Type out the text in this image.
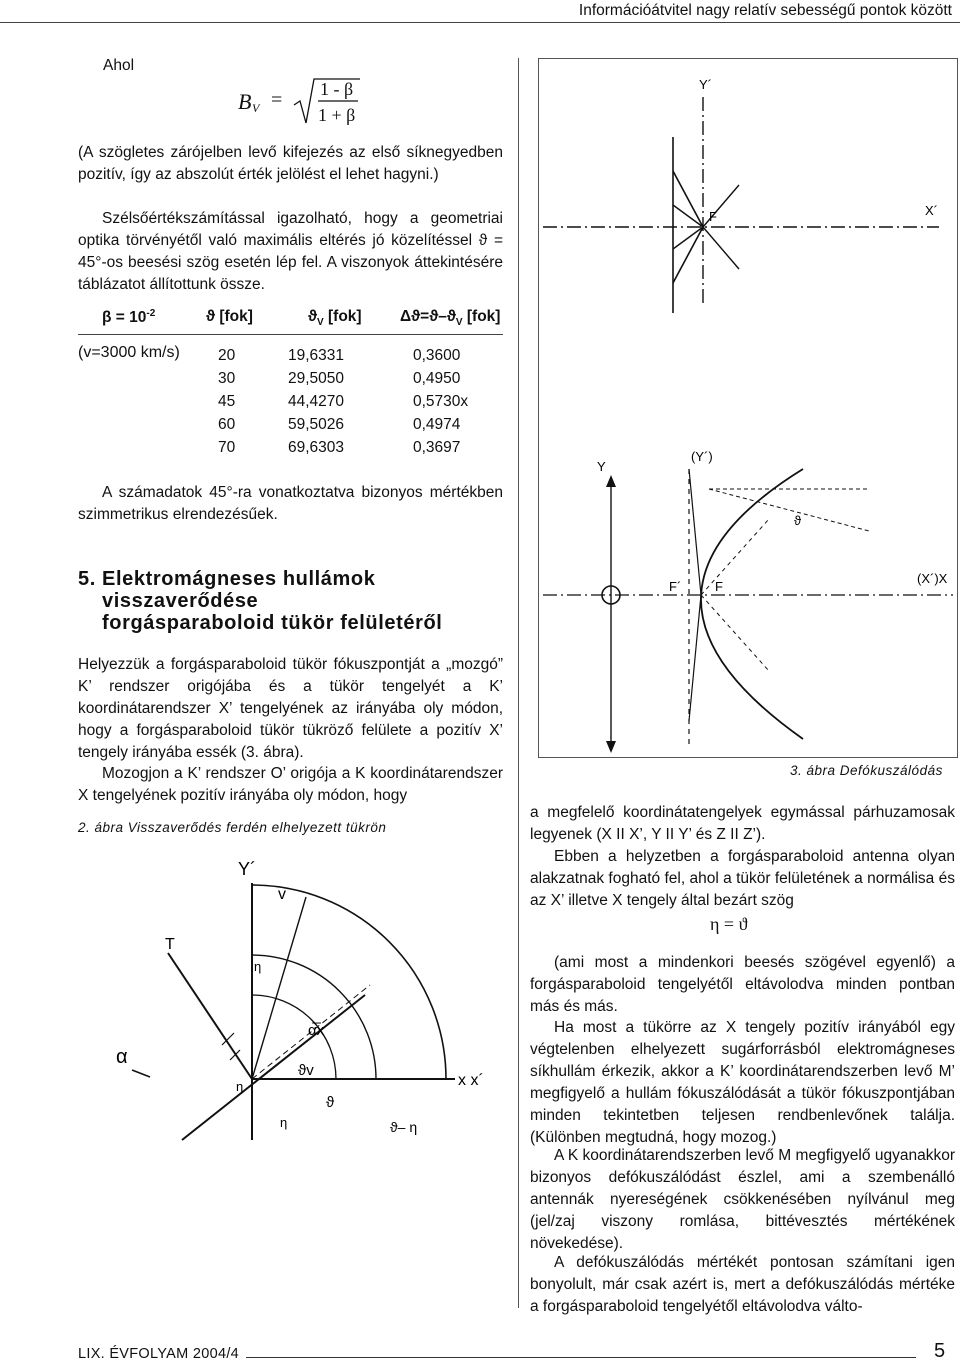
Információátvitel nagy relatív sebességű pontok között
Ahol
B V = 1 - β
1 + β

(A szögletes zárójelben levő kifejezés az első síknegyedben pozitív, így az abszolút érték jelölést el lehet hagyni.)

Szélsőértékszámítással igazolható, hogy a geometriai optika törvényétől való maximális eltérés jó közelítéssel ϑ = 45°-os beesési szög esetén lép fel. A viszonyok áttekintésére táblázatot állítottunk össze.

$\beta = 10^{-2}$	ϑ [fok]	$ϑ_V$ [fok] $\Delta ϑ=ϑ-ϑ_V$ [fok]
(v=3000 km/s) 20	19,6331	0,3600
30	29,5050	0,4950
45	44,4270	0,5730x
60	59,5026	0,4974
70	69,6303	0,3697

A számadatok 45°-ra vonatkoztatva bizonyos mértékben szimmetrikus elrendezésűek.

5. Elektromágneses hullámok
visszaverődése
forgásparaboloid tükör felületéről

Helyezzük a forgásparaboloid tükör fókuszpontját a „mozgó” K’ rendszer origójába és a tükör tengelyét a K’ koordinátarendszer X’ tengelyének az irányába oly módon, hogy a forgásparaboloid tükör tükröző felülete a pozitív X’ tengely irányába essék (3. ábra).

Mozogjon a K’ rendszer O’ origója a K koordinátarendszer X tengelyének pozitív irányába oly módon, hogy

2. ábra Visszaverődés ferdén elhelyezett tükrön
Y´
v
T
α
α̅x
ϑv
η
η
η
ϑ
ϑ– η
x x´
Y´
X´
F
Y
(Y´)
ϑ
F´	F
(X´)X
3. ábra Defókuszálódás

a megfelelő koordinátatengelyek egymással párhuzamosak legyenek (X II X’, Y II Y’ és Z II Z’).

Ebben a helyzetben a forgásparaboloid antenna olyan alakzatnak fogható fel, ahol a tükör felületének a normálisa és az X’ illetve X tengely által bezárt szög

η = ϑ

(ami most a mindenkori beesés szögével egyenlő) a forgásparaboloid tengelyétől eltávolodva minden pontban más és más.

Ha most a tükörre az X tengely pozitív irányából egy végtelenben elhelyezett sugárforrásból elektromágneses síkhullám érkezik, akkor a K’ koordinátarendszerben levő M’ megfigyelő a hullám fókuszálódását a tükör fókuszpontjában minden tekintetben teljesen rendbenlevőnek találja. (Különben megtudná, hogy mozog.)

A K koordinátarendszerben levő M megfigyelő ugyanakkor bizonyos defókuszálódást észlel, ami a szembenálló antennák nyereségének csökkenésében nyílvánul meg (jel/zaj viszony romlása, bittévesztés mértékének növekedése).

A defókuszálódás mértékét pontosan számítani igen bonyolult, már csak azért is, mert a defókuszálódás mértéke a forgásparaboloid tengelyétől eltávolodva válto-

LIX. ÉVFOLYAM 2004/4	5
